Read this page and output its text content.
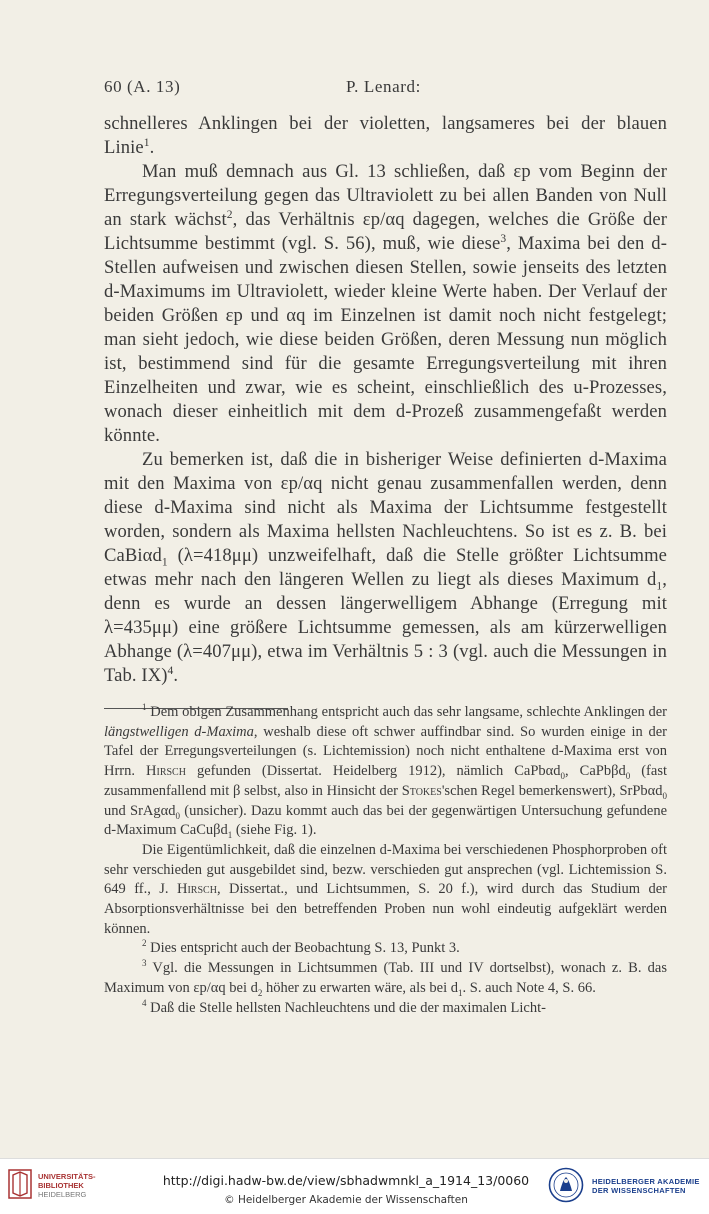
60 (A. 13)	P. Lenard:

schnelleres Anklingen bei der violetten, langsameres bei der blauen Linie$^1$.

Man muß demnach aus Gl. 13 schließen, daß εp vom Beginn der Erregungsverteilung gegen das Ultraviolett zu bei allen Banden von Null an stark wächst$^2$, das Verhältnis εp/αq dagegen, welches die Größe der Lichtsumme bestimmt (vgl. S. 56), muß, wie diese$^3$, Maxima bei den d-Stellen aufweisen und zwischen diesen Stellen, sowie jenseits des letzten d-Maximums im Ultraviolett, wieder kleine Werte haben. Der Verlauf der beiden Größen εp und αq im Einzelnen ist damit noch nicht festgelegt; man sieht jedoch, wie diese beiden Größen, deren Messung nun möglich ist, bestimmend sind für die gesamte Erregungsverteilung mit ihren Einzelheiten und zwar, wie es scheint, einschließlich des u-Prozesses, wonach dieser einheitlich mit dem d-Prozeß zusammengefaßt werden könnte.

Zu bemerken ist, daß die in bisheriger Weise definierten d-Maxima mit den Maxima von εp/αq nicht genau zusammenfallen werden, denn diese d-Maxima sind nicht als Maxima der Lichtsumme festgestellt worden, sondern als Maxima hellsten Nachleuchtens. So ist es z. B. bei CaBiαd$_1$ (λ=418μμ) unzweifelhaft, daß die Stelle größter Lichtsumme etwas mehr nach den längeren Wellen zu liegt als dieses Maximum $d_1$, denn es wurde an dessen längerwelligem Abhange (Erregung mit λ=435μμ) eine größere Lichtsumme gemessen, als am kürzerwelligen Abhange (λ=407μμ), etwa im Verhältnis 5 : 3 (vgl. auch die Messungen in Tab. IX)$^4$.

$^1$ Dem obigen Zusammenhang entspricht auch das sehr langsame, schlechte Anklingen der längstwelligen d-Maxima, weshalb diese oft schwer auffindbar sind. So wurden einige in der Tafel der Erregungsverteilungen (s. Lichtemission) noch nicht enthaltene d-Maxima erst von Hrrn. Hirsch gefunden (Dissertat. Heidelberg 1912), nämlich CaPbαd$_0$, CaPbβd$_0$ (fast zusammenfallend mit β selbst, also in Hinsicht der Stokes'schen Regel bemerkenswert), SrPbαd$_0$ und SrAgαd$_0$ (unsicher). Dazu kommt auch das bei der gegenwärtigen Untersuchung gefundene d-Maximum CaCuβd$_1$ (siehe Fig. 1).

Die Eigentümlichkeit, daß die einzelnen d-Maxima bei verschiedenen Phosphorproben oft sehr verschieden gut ausgebildet sind, bezw. verschieden gut ansprechen (vgl. Lichtemission S. 649 ff., J. Hirsch, Dissertat., und Lichtsummen, S. 20 f.), wird durch das Studium der Absorptionsverhältnisse bei den betreffenden Proben nun wohl eindeutig aufgeklärt werden können.

$^2$ Dies entspricht auch der Beobachtung S. 13, Punkt 3.

$^3$ Vgl. die Messungen in Lichtsummen (Tab. III und IV dortselbst), wonach z. B. das Maximum von εp/αq bei $d_2$ höher zu erwarten wäre, als bei $d_1$. S. auch Note 4, S. 66.

$^4$ Daß die Stelle hellsten Nachleuchtens und die der maximalen Licht-

UNIVERSITÄTS-
BIBLIOTHEK
HEIDELBERG
http://digi.hadw-bw.de/view/sbhadwmnkl_a_1914_13/0060
© Heidelberger Akademie der Wissenschaften
HEIDELBERGER AKADEMIE
DER WISSENSCHAFTEN
